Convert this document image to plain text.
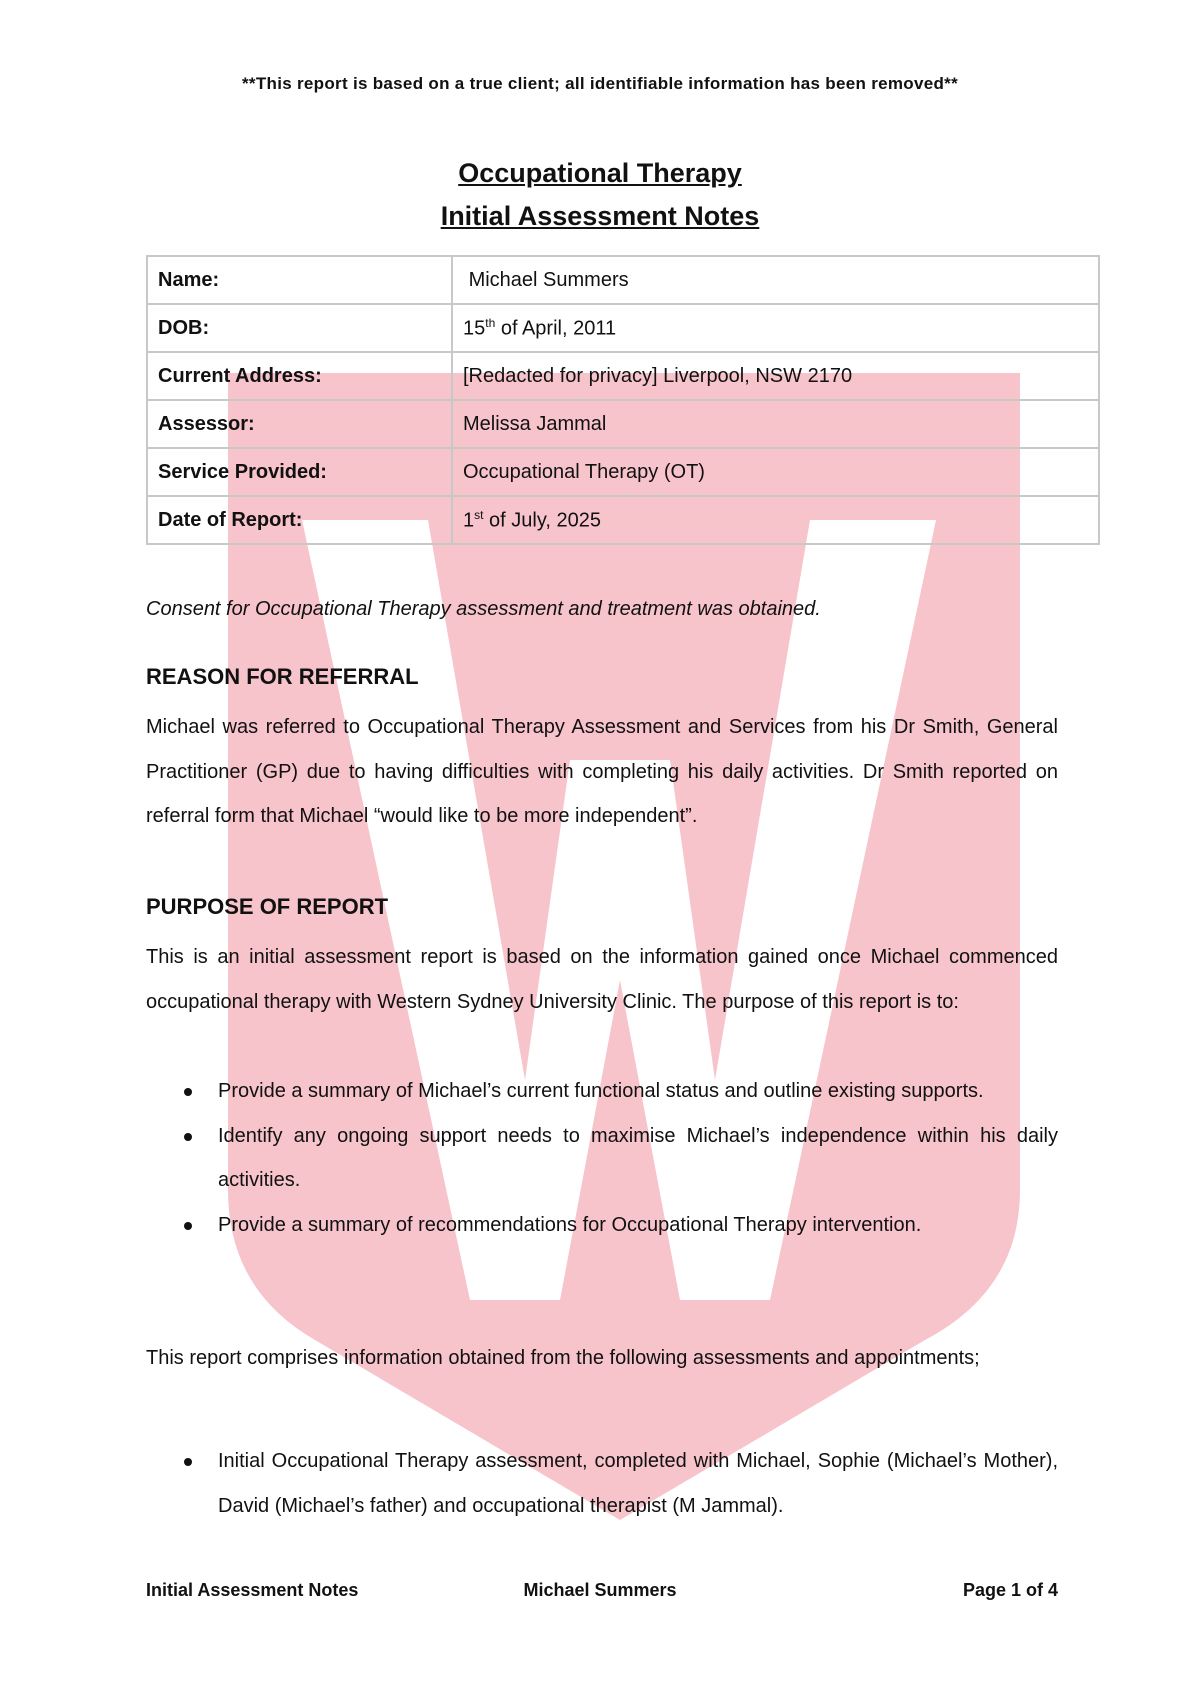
**This report is based on a true client; all identifiable information has been removed**
Occupational Therapy
Initial Assessment Notes
Name:	Michael Summers
DOB:	15th of April, 2011
Current Address:	[Redacted for privacy] Liverpool, NSW 2170
Assessor:	Melissa Jammal
Service Provided:	Occupational Therapy (OT)
Date of Report:	1st of July, 2025
Consent for Occupational Therapy assessment and treatment was obtained.
REASON FOR REFERRAL
Michael was referred to Occupational Therapy Assessment and Services from his Dr Smith, General Practitioner (GP) due to having difficulties with completing his daily activities. Dr Smith reported on referral form that Michael “would like to be more independent”.
PURPOSE OF REPORT
This is an initial assessment report is based on the information gained once Michael commenced occupational therapy with Western Sydney University Clinic. The purpose of this report is to:
Provide a summary of Michael’s current functional status and outline existing supports.
Identify any ongoing support needs to maximise Michael’s independence within his daily activities.
Provide a summary of recommendations for Occupational Therapy intervention.
This report comprises information obtained from the following assessments and appointments;
Initial Occupational Therapy assessment, completed with Michael, Sophie (Michael’s Mother), David (Michael’s father) and occupational therapist (M Jammal).
Initial Assessment Notes	Michael Summers	Page 1 of 4
